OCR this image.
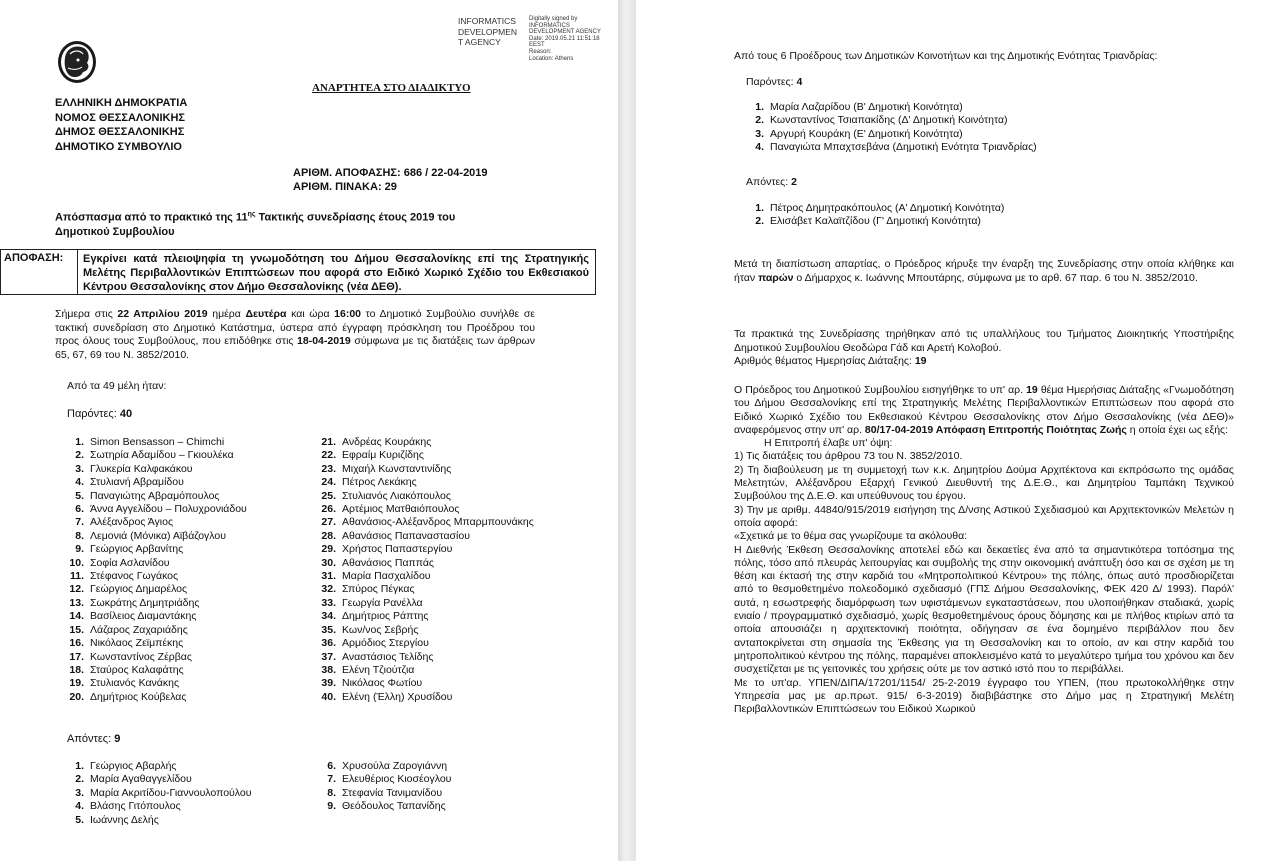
ΕΛΛΗΝΙΚΗ ΔΗΜΟΚΡΑΤΙΑ
ΝΟΜΟΣ ΘΕΣΣΑΛΟΝΙΚΗΣ
ΔΗΜΟΣ ΘΕΣΣΑΛΟΝΙΚΗΣ
ΔΗΜΟΤΙΚΟ ΣΥΜΒΟΥΛΙΟ
ΑΝΑΡΤΗΤΕΑ ΣΤΟ ΔΙΑΔΙΚΤΥΟ
INFORMATICS
DEVELOPMEN
T AGENCY
Digitally signed by
INFORMATICS
DEVELOPMENT AGENCY
Date: 2019.05.21 11:51:18
EEST
Reason:
Location: Athens
ΑΡΙΘΜ. ΑΠΟΦΑΣΗΣ: 686 / 22-04-2019
ΑΡΙΘΜ. ΠΙΝΑΚΑ: 29
Απόσπασμα από το πρακτικό της $11^{\eta\varsigma}$ Τακτικής συνεδρίασης έτους 2019 του
Δημοτικού Συμβουλίου
ΑΠΟΦΑΣΗ: Εγκρίνει κατά πλειοψηφία τη γνωμοδότηση του Δήμου Θεσσαλονίκης επί της Στρατηγικής Μελέτης Περιβαλλοντικών Επιπτώσεων που αφορά στο Ειδικό Χωρικό Σχέδιο του Εκθεσιακού Κέντρου Θεσσαλονίκης στον Δήμο Θεσσαλονίκης (νέα ΔΕΘ).
Σήμερα στις 22 Απριλίου 2019 ημέρα Δευτέρα και ώρα 16:00 το Δημοτικό Συμβούλιο συνήλθε σε τακτική συνεδρίαση στο Δημοτικό Κατάστημα, ύστερα από έγγραφη πρόσκληση του Προέδρου του προς όλους τους Συμβούλους, που επιδόθηκε στις 18-04-2019 σύμφωνα με τις διατάξεις των άρθρων 65, 67, 69 του Ν. 3852/2010.
Από τα 49 μέλη ήταν:
Παρόντες: 40
1. Simon Bensasson – Chimchi
2. Σωτηρία Αδαμίδου – Γκιουλέκα
3. Γλυκερία Καλφακάκου
4. Στυλιανή Αβραμίδου
5. Παναγιώτης Αβραμόπουλος
6. Άννα Αγγελίδου – Πολυχρονιάδου
7. Αλέξανδρος Άγιος
8. Λεμονιά (Μόνικα) Αϊβάζογλου
9. Γεώργιος Αρβανίτης
10. Σοφία Ασλανίδου
11. Στέφανος Γωγάκος
12. Γεώργιος Δημαρέλος
13. Σωκράτης Δημητριάδης
14. Βασίλειος Διαμαντάκης
15. Λάζαρος Ζαχαριάδης
16. Νικόλαος Ζεϊμπέκης
17. Κωνσταντίνος Ζέρβας
18. Σταύρος Καλαφάτης
19. Στυλιανός Κανάκης
20. Δημήτριος Κούβελας
21. Ανδρέας Κουράκης
22. Εφραίμ Κυριζίδης
23. Μιχαήλ Κωνσταντινίδης
24. Πέτρος Λεκάκης
25. Στυλιανός Λιακόπουλος
26. Αρτέμιος Ματθαιόπουλος
27. Αθανάσιος-Αλέξανδρος Μπαρμπουνάκης
28. Αθανάσιος Παπαναστασίου
29. Χρήστος Παπαστεργίου
30. Αθανάσιος Παππάς
31. Μαρία Πασχαλίδου
32. Σπύρος Πέγκας
33. Γεωργία Ρανέλλα
34. Δημήτριος Ράπτης
35. Κων/νος Σεβρής
36. Αρμόδιος Στεργίου
37. Αναστάσιος Τελίδης
38. Ελένη Τζιούτζια
39. Νικόλαος Φωτίου
40. Ελένη (Έλλη) Χρυσίδου
Απόντες: 9
1. Γεώργιος Αβαρλής
2. Μαρία Αγαθαγγελίδου
3. Μαρία Ακριτίδου-Γιαννουλοπούλου
4. Βλάσης Γιτόπουλος
5. Ιωάννης Δελής
6. Χρυσούλα Ζαρογιάννη
7. Ελευθέριος Κιοσέογλου
8. Στεφανία Τανιμανίδου
9. Θεόδουλος Ταπανίδης
Από τους 6 Προέδρους των Δημοτικών Κοινοτήτων και της Δημοτικής Ενότητας Τριανδρίας:
Παρόντες: 4
1. Μαρία Λαζαρίδου (Β' Δημοτική Κοινότητα)
2. Κωνσταντίνος Τσιαπακίδης (Δ' Δημοτική Κοινότητα)
3. Αργυρή Κουράκη (Ε' Δημοτική Κοινότητα)
4. Παναγιώτα Μπαχτσεβάνα (Δημοτική Ενότητα Τριανδρίας)
Απόντες: 2
1. Πέτρος Δημητρακόπουλος (Α' Δημοτική Κοινότητα)
2. Ελισάβετ Καλαϊτζίδου (Γ' Δημοτική Κοινότητα)
Μετά τη διαπίστωση απαρτίας, ο Πρόεδρος κήρυξε την έναρξη της Συνεδρίασης στην οποία κλήθηκε και ήταν παρών ο Δήμαρχος κ. Ιωάννης Μπουτάρης, σύμφωνα με το αρθ. 67 παρ. 6 του Ν. 3852/2010.
Τα πρακτικά της Συνεδρίασης τηρήθηκαν από τις υπαλλήλους του Τμήματος Διοικητικής Υποστήριξης Δημοτικού Συμβουλίου Θεοδώρα Γάδ και Αρετή Κολοβού.
Αριθμός θέματος Ημερησίας Διάταξης: 19
Ο Πρόεδρος του Δημοτικού Συμβουλίου εισηγήθηκε το υπ' αρ. 19 θέμα Ημερήσιας Διάταξης «Γνωμοδότηση του Δήμου Θεσσαλονίκης επί της Στρατηγικής Μελέτης Περιβαλλοντικών Επιπτώσεων που αφορά στο Ειδικό Χωρικό Σχέδιο του Εκθεσιακού Κέντρου Θεσσαλονίκης στον Δήμο Θεσσαλονίκης (νέα ΔΕΘ)» αναφερόμενος στην υπ' αρ. 80/17-04-2019 Απόφαση Επιτροπής Ποιότητας Ζωής η οποία έχει ως εξής:
H Επιτροπή έλαβε υπ' όψη:
1) Τις διατάξεις του άρθρου 73 του Ν. 3852/2010.
2) Τη διαβούλευση με τη συμμετοχή των κ.κ. Δημητρίου Δούμα Αρχιτέκτονα και εκπρόσωπο της ομάδας Μελετητών, Αλέξανδρου Εξαρχή Γενικού Διευθυντή της Δ.Ε.Θ., και Δημητρίου Ταμπάκη Τεχνικού Συμβούλου της Δ.Ε.Θ. και υπεύθυνους του έργου.
3) Την με αριθμ. 44840/915/2019 εισήγηση της Δ/νσης Αστικού Σχεδιασμού και Αρχιτεκτονικών Μελετών η οποία αφορά:
«Σχετικά με το θέμα σας γνωρίζουμε τα ακόλουθα:
Η Διεθνής Έκθεση Θεσσαλονίκης αποτελεί εδώ και δεκαετίες ένα από τα σημαντικότερα τοπόσημα της πόλης, τόσο από πλευράς λειτουργίας και συμβολής της στην οικονομική ανάπτυξη όσο και σε σχέση με τη θέση και έκτασή της στην καρδιά του «Μητροπολιτικού Κέντρου» της πόλης, όπως αυτό προσδιορίζεται από το θεσμοθετημένο πολεοδομικό σχεδιασμό (ΓΠΣ Δήμου Θεσσαλονίκης, ΦΕΚ 420 Δ/ 1993). Παρόλ' αυτά, η εσωστρεφής διαμόρφωση των υφιστάμενων εγκαταστάσεων, που υλοποιήθηκαν σταδιακά, χωρίς ενιαίο / προγραμματικό σχεδιασμό, χωρίς θεσμοθετημένους όρους δόμησης και με πλήθος κτιρίων από τα οποία απουσιάζει η αρχιτεκτονική ποιότητα, οδήγησαν σε ένα δομημένο περιβάλλον που δεν ανταποκρίνεται στη σημασία της Έκθεσης για τη Θεσσαλονίκη και το οποίο, αν και στην καρδιά του μητροπολιτικού κέντρου της πόλης, παραμένει αποκλεισμένο κατά το μεγαλύτερο τμήμα του χρόνου και δεν συσχετίζεται με τις γειτονικές του χρήσεις ούτε με τον αστικό ιστό που το περιβάλλει.
Με το υπ'αρ. ΥΠΕΝ/ΔΙΠΑ/17201/1154/ 25-2-2019 έγγραφο του ΥΠΕΝ, (που πρωτοκολλήθηκε στην Υπηρεσία μας με αρ.πρωτ. 915/ 6-3-2019) διαβιβάστηκε στο Δήμο μας η Στρατηγική Μελέτη Περιβαλλοντικών Επιπτώσεων του Ειδικού Χωρικού
